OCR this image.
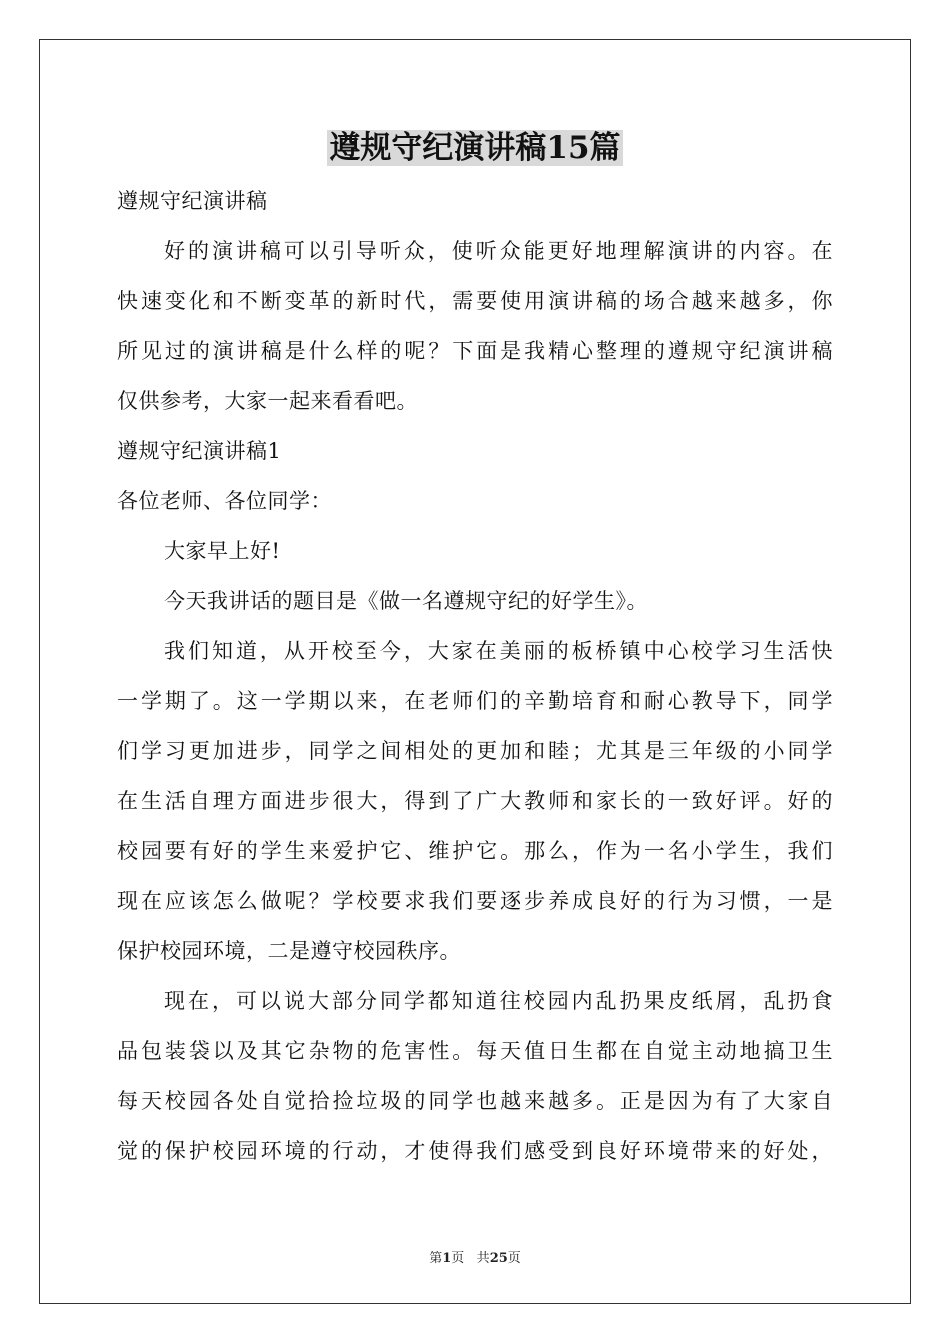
遵规守纪演讲稿15篇
遵规守纪演讲稿
好的演讲稿可以引导听众，使听众能更好地理解演讲的内容。在
快速变化和不断变革的新时代，需要使用演讲稿的场合越来越多，你
所见过的演讲稿是什么样的呢？下面是我精心整理的遵规守纪演讲稿
仅供参考，大家一起来看看吧。
遵规守纪演讲稿1
各位老师、各位同学：
大家早上好!
今天我讲话的题目是《做一名遵规守纪的好学生》。
我们知道，从开校至今，大家在美丽的板桥镇中心校学习生活快
一学期了。这一学期以来，在老师们的辛勤培育和耐心教导下，同学
们学习更加进步，同学之间相处的更加和睦；尤其是三年级的小同学
在生活自理方面进步很大，得到了广大教师和家长的一致好评。好的
校园要有好的学生来爱护它、维护它。那么，作为一名小学生，我们
现在应该怎么做呢？学校要求我们要逐步养成良好的行为习惯，一是
保护校园环境，二是遵守校园秩序。
现在，可以说大部分同学都知道往校园内乱扔果皮纸屑，乱扔食
品包装袋以及其它杂物的危害性。每天值日生都在自觉主动地搞卫生
每天校园各处自觉拾捡垃圾的同学也越来越多。正是因为有了大家自
觉的保护校园环境的行动，才使得我们感受到良好环境带来的好处，
第1页 共25页
